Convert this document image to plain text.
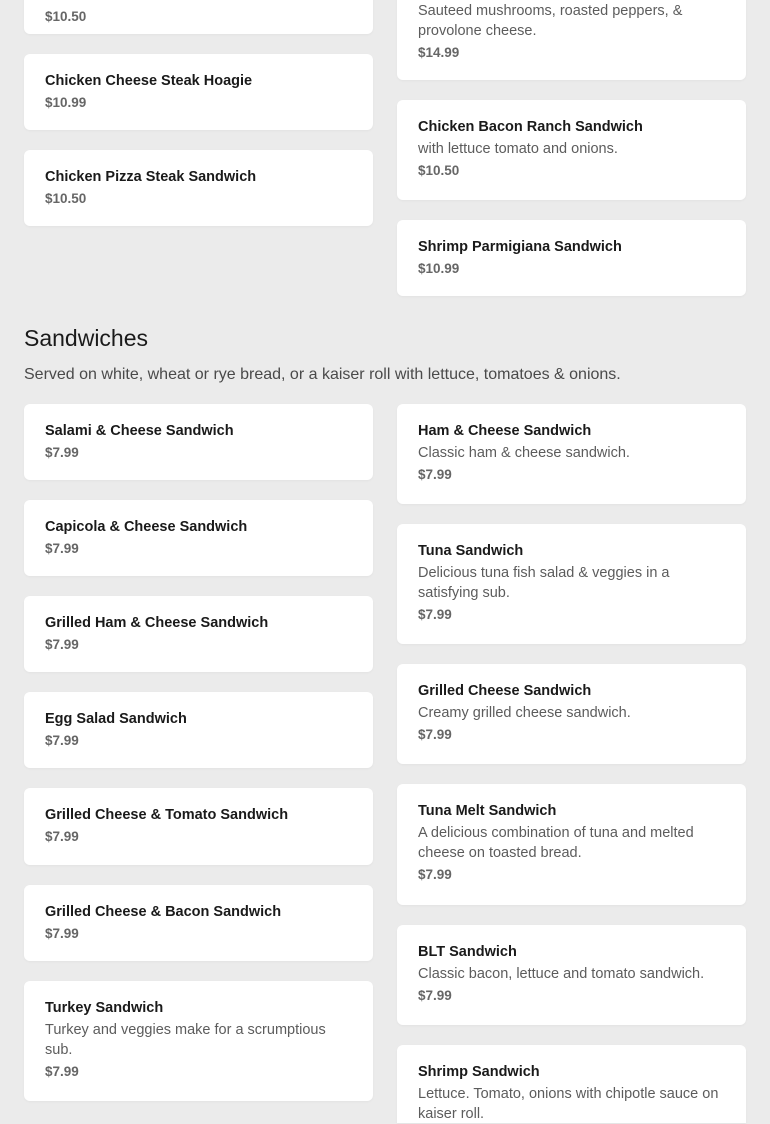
$10.50
Chicken Cheese Steak Hoagie
$10.99
Chicken Pizza Steak Sandwich
$10.50
Sauteed mushrooms, roasted peppers, & provolone cheese.
$14.99
Chicken Bacon Ranch Sandwich
with lettuce tomato and onions.
$10.50
Shrimp Parmigiana Sandwich
$10.99
Sandwiches
Served on white, wheat or rye bread, or a kaiser roll with lettuce, tomatoes & onions.
Salami & Cheese Sandwich
$7.99
Capicola & Cheese Sandwich
$7.99
Grilled Ham & Cheese Sandwich
$7.99
Egg Salad Sandwich
$7.99
Grilled Cheese & Tomato Sandwich
$7.99
Grilled Cheese & Bacon Sandwich
$7.99
Turkey Sandwich
Turkey and veggies make for a scrumptious sub.
$7.99
Ham & Cheese Sandwich
Classic ham & cheese sandwich.
$7.99
Tuna Sandwich
Delicious tuna fish salad & veggies in a satisfying sub.
$7.99
Grilled Cheese Sandwich
Creamy grilled cheese sandwich.
$7.99
Tuna Melt Sandwich
A delicious combination of tuna and melted cheese on toasted bread.
$7.99
BLT Sandwich
Classic bacon, lettuce and tomato sandwich.
$7.99
Shrimp Sandwich
Lettuce. Tomato, onions with chipotle sauce on kaiser roll.
